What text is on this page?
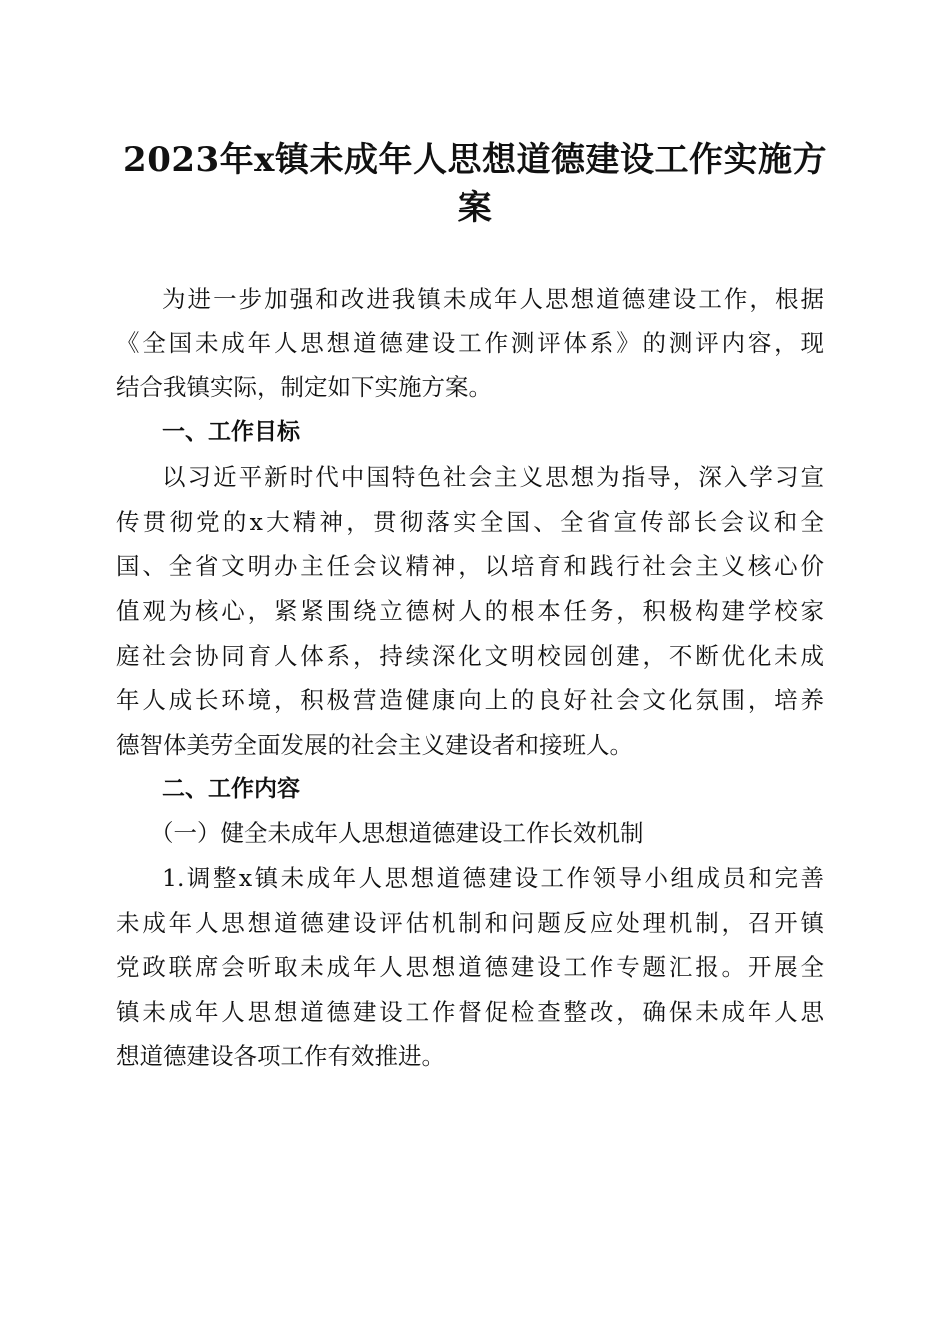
2023年x镇未成年人思想道德建设工作实施方
案
为进一步加强和改进我镇未成年人思想道德建设工作，根据
《全国未成年人思想道德建设工作测评体系》的测评内容，现
结合我镇实际，制定如下实施方案。
一、工作目标
以习近平新时代中国特色社会主义思想为指导，深入学习宣
传贯彻党的x大精神，贯彻落实全国、全省宣传部长会议和全
国、全省文明办主任会议精神，以培育和践行社会主义核心价
值观为核心，紧紧围绕立德树人的根本任务，积极构建学校家
庭社会协同育人体系，持续深化文明校园创建，不断优化未成
年人成长环境，积极营造健康向上的良好社会文化氛围，培养
德智体美劳全面发展的社会主义建设者和接班人。
二、工作内容
（一）健全未成年人思想道德建设工作长效机制
1.调整x镇未成年人思想道德建设工作领导小组成员和完善
未成年人思想道德建设评估机制和问题反应处理机制，召开镇
党政联席会听取未成年人思想道德建设工作专题汇报。开展全
镇未成年人思想道德建设工作督促检查整改，确保未成年人思
想道德建设各项工作有效推进。
